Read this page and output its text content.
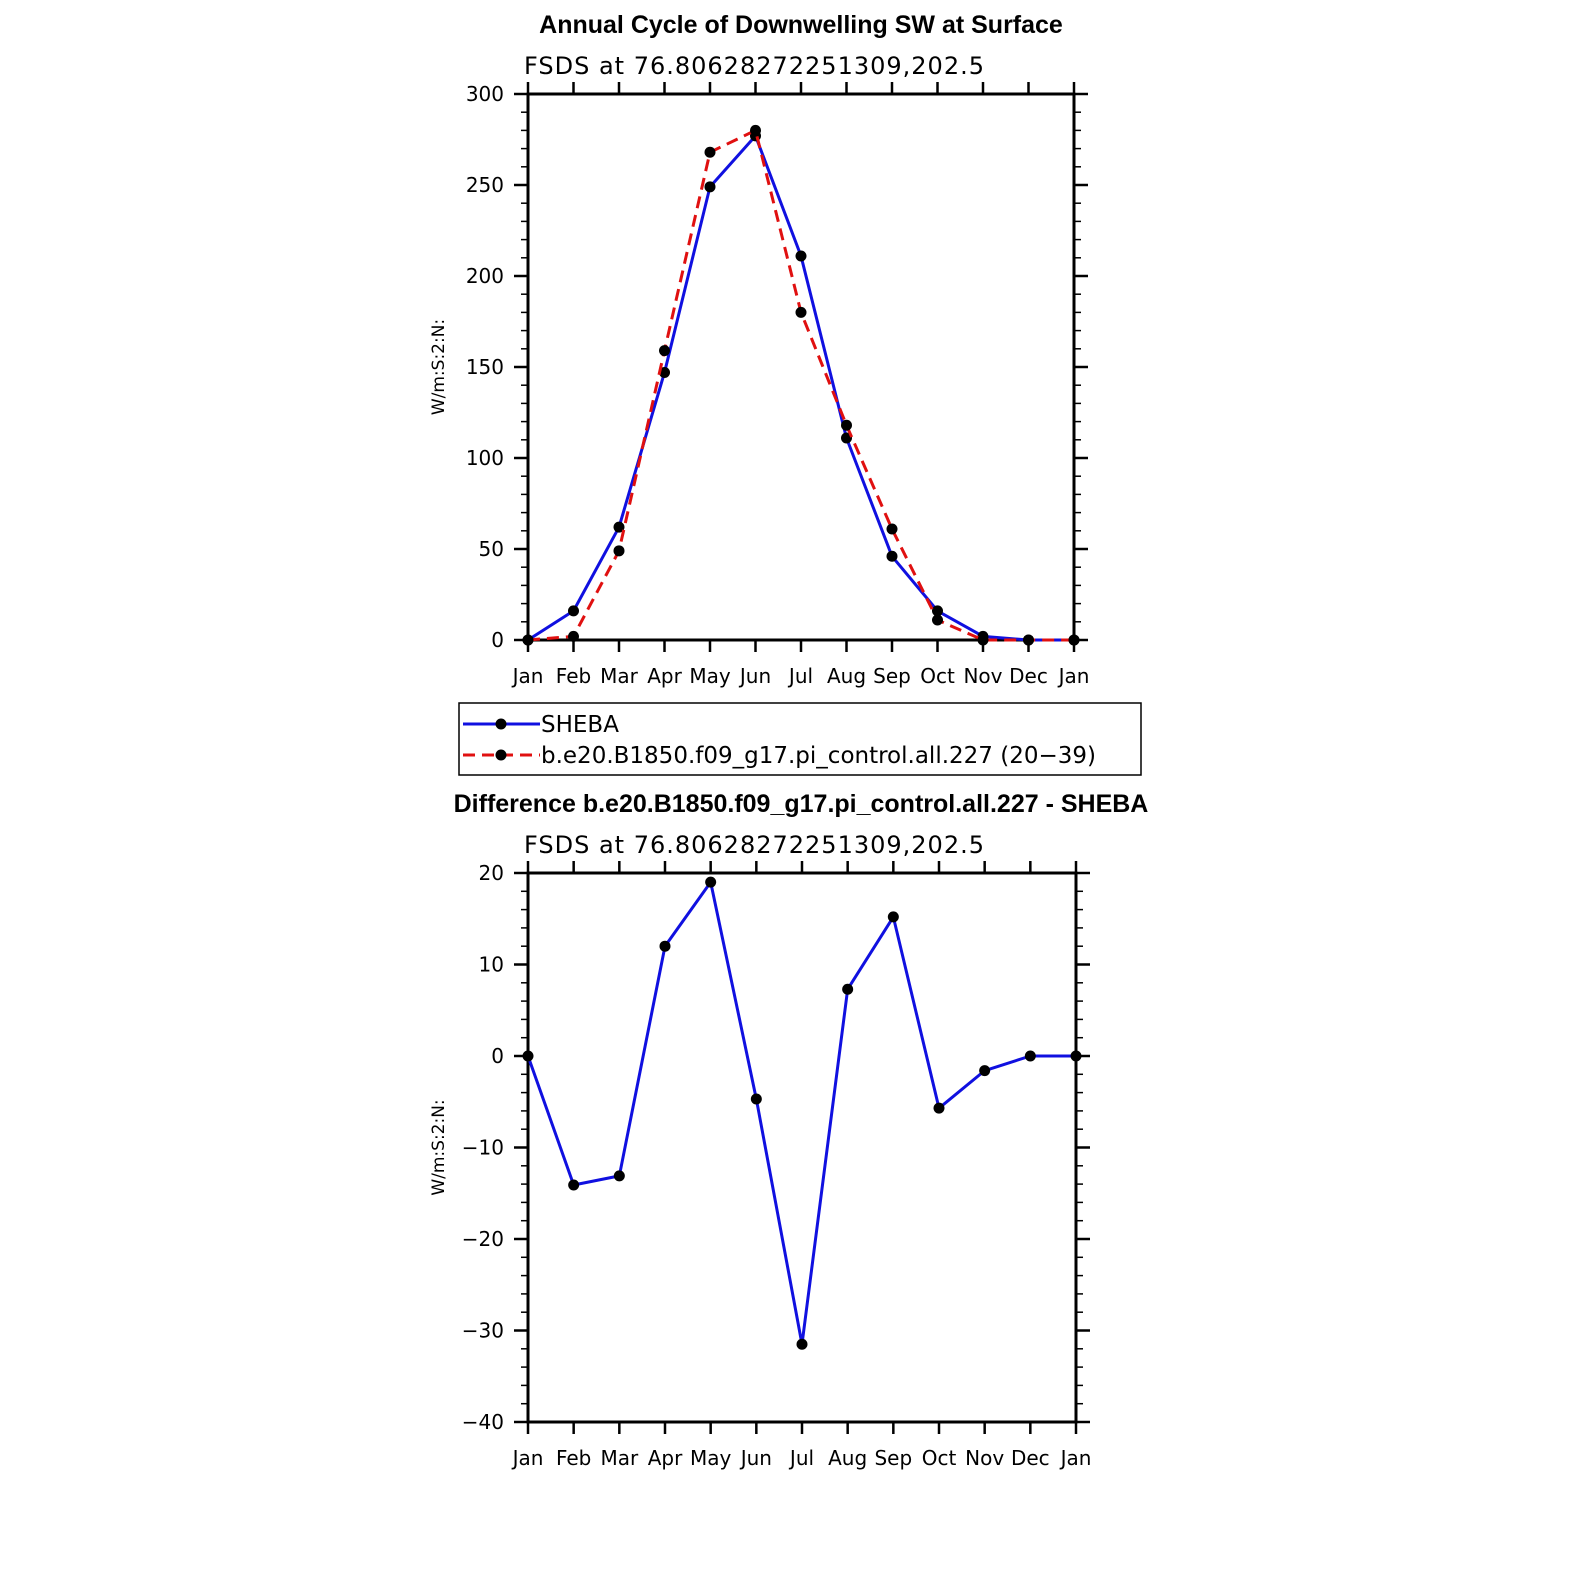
Annual Cycle of Downwelling SW at Surface
FSDS at 76.80628272251309,202.5
0
50
100
150
200
250
300
Jan Feb Mar Apr May Jun Jul Aug Sep Oct Nov Dec Jan
W/m:S:2:N:
SHEBA
b.e20.B1850.f09_g17.pi_control.all.227 (20−39)
Difference b.e20.B1850.f09_g17.pi_control.all.227 - SHEBA
FSDS at 76.80628272251309,202.5
−40
−30
−20
−10
0
10
20
Jan Feb Mar Apr May Jun Jul Aug Sep Oct Nov Dec Jan
W/m:S:2:N:
